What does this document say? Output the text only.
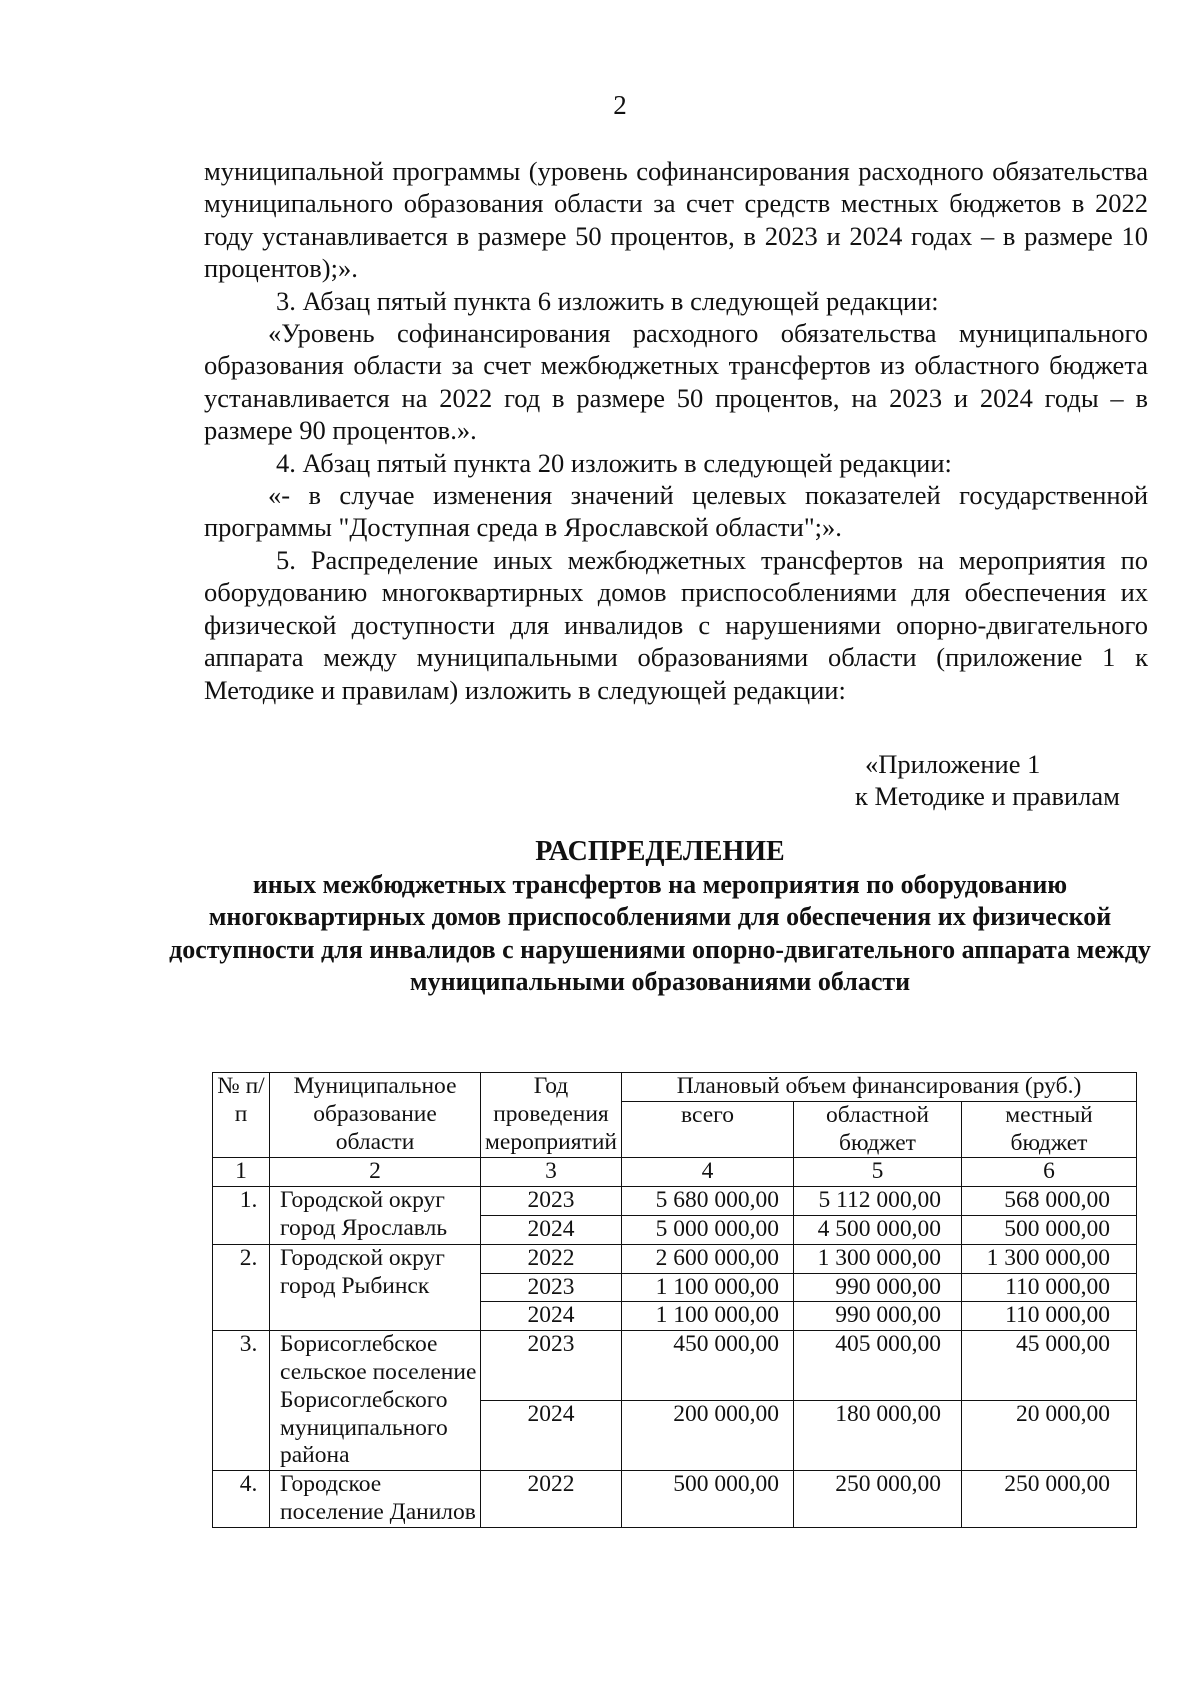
2

муниципальной программы (уровень софинансирования расходного обязательства муниципального образования области за счет средств местных бюджетов в 2022 году устанавливается в размере 50 процентов, в 2023 и 2024 годах – в размере 10 процентов);».

3. Абзац пятый пункта 6 изложить в следующей редакции:

«Уровень софинансирования расходного обязательства муниципального образования области за счет межбюджетных трансфертов из областного бюджета устанавливается на 2022 год в размере 50 процентов, на 2023 и 2024 годы – в размере 90 процентов.».

4. Абзац пятый пункта 20 изложить в следующей редакции:

«- в случае изменения значений целевых показателей государственной программы "Доступная среда в Ярославской области";».

5. Распределение иных межбюджетных трансфертов на мероприятия по оборудованию многоквартирных домов приспособлениями для обеспечения их физической доступности для инвалидов с нарушениями опорно-двигательного аппарата между муниципальными образованиями области (приложение 1 к Методике и правилам) изложить в следующей редакции:

«Приложение 1
к Методике и правилам
РАСПРЕДЕЛЕНИЕ
иных межбюджетных трансфертов на мероприятия по оборудованию многоквартирных домов приспособлениями для обеспечения их физической доступности для инвалидов с нарушениями опорно-двигательного аппарата между муниципальными образованиями области
№ п/п	Муниципальное образование области	Год проведения мероприятий	Плановый объем финансирования (руб.)		
			всего	областной бюджет	местный бюджет
1	2	3	4	5	6
1.	Городской округ город Ярославль	2023	5 680 000,00	5 112 000,00	568 000,00
		2024	5 000 000,00	4 500 000,00	500 000,00
2.	Городской округ город Рыбинск	2022	2 600 000,00	1 300 000,00	1 300 000,00
		2023	1 100 000,00	990 000,00	110 000,00
		2024	1 100 000,00	990 000,00	110 000,00
3.	Борисоглебское сельское поселение Борисоглебского муниципального района	2023	450 000,00	405 000,00	45 000,00
		2024	200 000,00	180 000,00	20 000,00
4.	Городское поселение Данилов	2022	500 000,00	250 000,00	250 000,00
